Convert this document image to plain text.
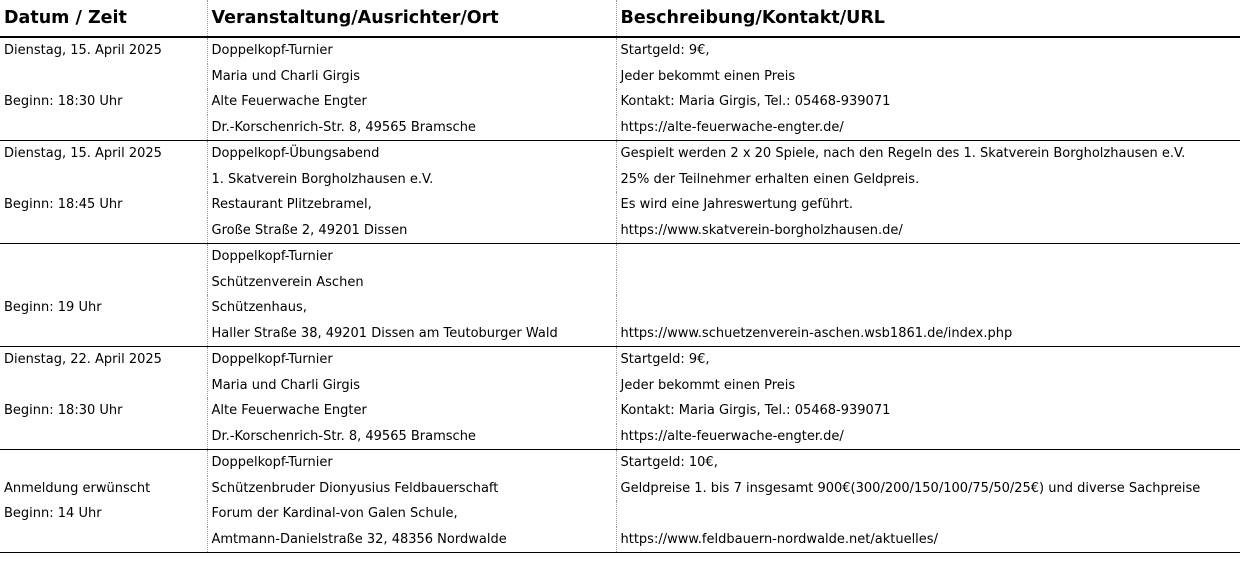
Datum / Zeit	Veranstaltung/Ausrichter/Ort	Beschreibung/Kontakt/URL
Dienstag, 15. April 2025	Doppelkopf-Turnier	Startgeld: 9€,
	Maria und Charli Girgis	Jeder bekommt einen Preis
Beginn: 18:30 Uhr	Alte Feuerwache Engter	Kontakt: Maria Girgis, Tel.: 05468-939071
	Dr.-Korschenrich-Str. 8, 49565 Bramsche	https://alte-feuerwache-engter.de/
Dienstag, 15. April 2025	Doppelkopf-Übungsabend	Gespielt werden 2 x 20 Spiele, nach den Regeln des 1. Skatverein Borgholzhausen e.V.
	1. Skatverein Borgholzhausen e.V.	25% der Teilnehmer erhalten einen Geldpreis.
Beginn: 18:45 Uhr	Restaurant Plitzebramel,	Es wird eine Jahreswertung geführt.
	Große Straße 2, 49201 Dissen	https://www.skatverein-borgholzhausen.de/
	Doppelkopf-Turnier	
	Schützenverein Aschen	
Beginn: 19 Uhr	Schützenhaus,	
	Haller Straße 38, 49201 Dissen am Teutoburger Wald	https://www.schuetzenverein-aschen.wsb1861.de/index.php
Dienstag, 22. April 2025	Doppelkopf-Turnier	Startgeld: 9€,
	Maria und Charli Girgis	Jeder bekommt einen Preis
Beginn: 18:30 Uhr	Alte Feuerwache Engter	Kontakt: Maria Girgis, Tel.: 05468-939071
	Dr.-Korschenrich-Str. 8, 49565 Bramsche	https://alte-feuerwache-engter.de/
	Doppelkopf-Turnier	Startgeld: 10€,
Anmeldung erwünscht	Schützenbruder Dionyusius Feldbauerschaft	Geldpreise 1. bis 7 insgesamt 900€(300/200/150/100/75/50/25€) und diverse Sachpreise
Beginn: 14 Uhr	Forum der Kardinal-von Galen Schule,	
	Amtmann-Danielstraße 32, 48356 Nordwalde	https://www.feldbauern-nordwalde.net/aktuelles/
